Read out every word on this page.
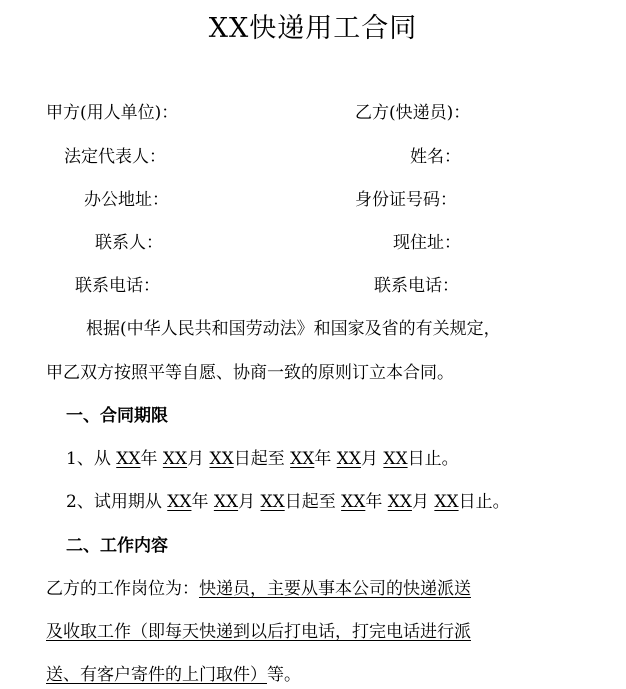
XX快递用工合同
甲方(用人单位)：	乙方(快递员)：
法定代表人：	姓名：
办公地址：	身份证号码：
联系人：	现住址：
联系电话：	联系电话：
根据(中华人民共和国劳动法》和国家及省的有关规定，
甲乙双方按照平等自愿、协商一致的原则订立本合同。
一、合同期限
1、从 XX年 XX月 XX日起至 XX年 XX月 XX日止。
2、试用期从 XX年 XX月 XX日起至 XX年 XX月 XX日止。
二、工作内容
乙方的工作岗位为：快递员，主要从事本公司的快递派送
及收取工作（即每天快递到以后打电话，打完电话进行派
送、有客户寄件的上门取件）等。
